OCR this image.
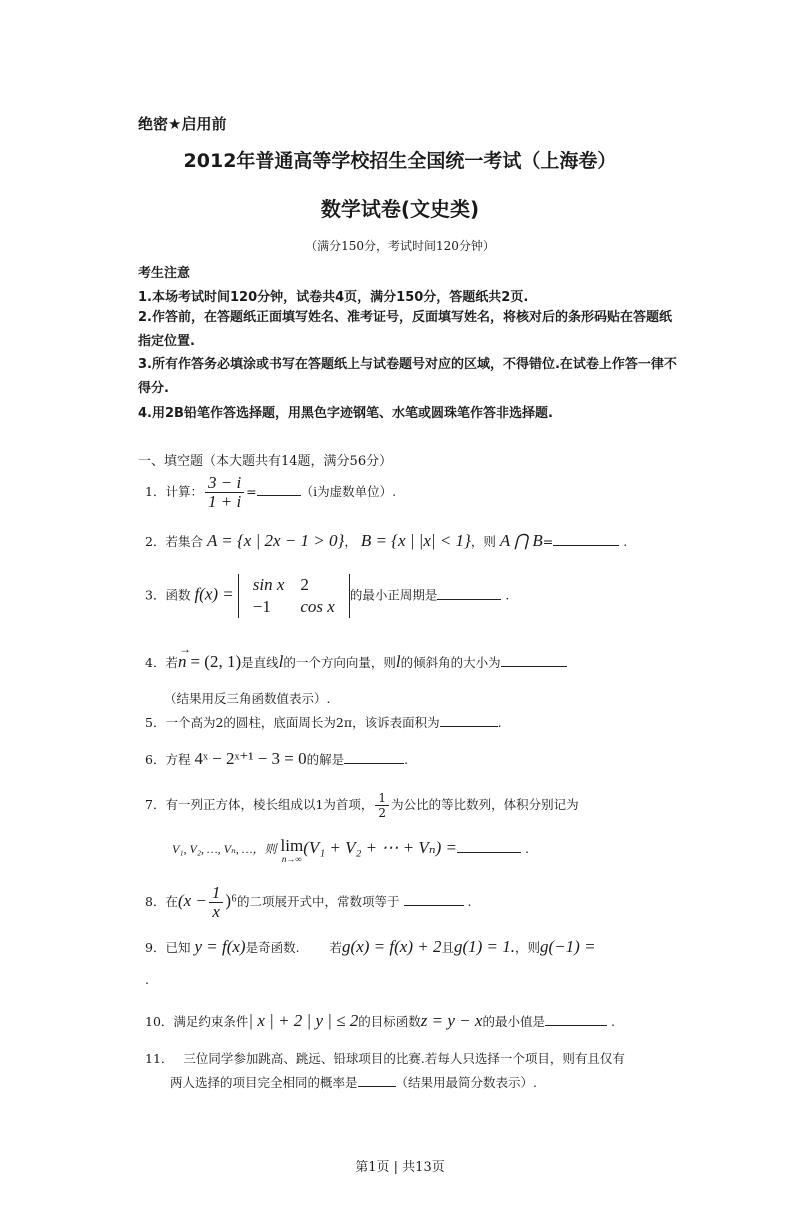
绝密★启用前
2012年普通高等学校招生全国统一考试（上海卷）
数学试卷(文史类)
（满分150分，考试时间120分钟）
考生注意
1.本场考试时间120分钟，试卷共4页，满分150分，答题纸共2页.
2.作答前，在答题纸正面填写姓名、准考证号，反面填写姓名，将核对后的条形码贴在答题纸指定位置.
3.所有作答务必填涂或书写在答题纸上与试卷题号对应的区域，不得错位.在试卷上作答一律不得分.
4.用2B铅笔作答选择题，用黑色字迹钢笔、水笔或圆珠笔作答非选择题.
一、填空题（本大题共有14题，满分56分）
1．计算： $\frac{3 - i}{1 + i}$ =	（i为虚数单位）.
2．若集合 A = {x | 2x − 1 > 0}， B = {x | |x| < 1}，则 A ⋂ B=	.
3．函数 f(x) = sin x	2
−1	cos x
的最小正周期是	.
4．若
→
n = (2, 1)是直线l的一个方向向量，则l的倾斜角的大小为
（结果用反三角函数值表示）.
5．一个高为2的圆柱，底面周长为2π，该诉表面积为	.
6．方程 4ˣ − 2ˣ⁺¹ − 3 = 0的解是	.
7．有一列正方体，棱长组成以1为首项， $\frac{1}{2}$ 为公比的等比数列，体积分别记为
V₁, V₂, …, Vₙ, …，则 lim
n→∞
(V₁ + V₂ + ⋯ + Vₙ) =	.
8．在$(x - \frac{1}{x} )^6$的二项展开式中，常数项等于	.
9．已知 y = f(x)是奇函数. 若g(x) = f(x) + 2且g(1) = 1.，则g(−1) =
.
10．满足约束条件| x | + 2 | y | ≤ 2的目标函数z = y − x的最小值是	.
11． 三位同学参加跳高、跳远、铅球项目的比赛.若每人只选择一个项目，则有且仅有
两人选择的项目完全相同的概率是	（结果用最简分数表示）.
第1页 | 共13页
